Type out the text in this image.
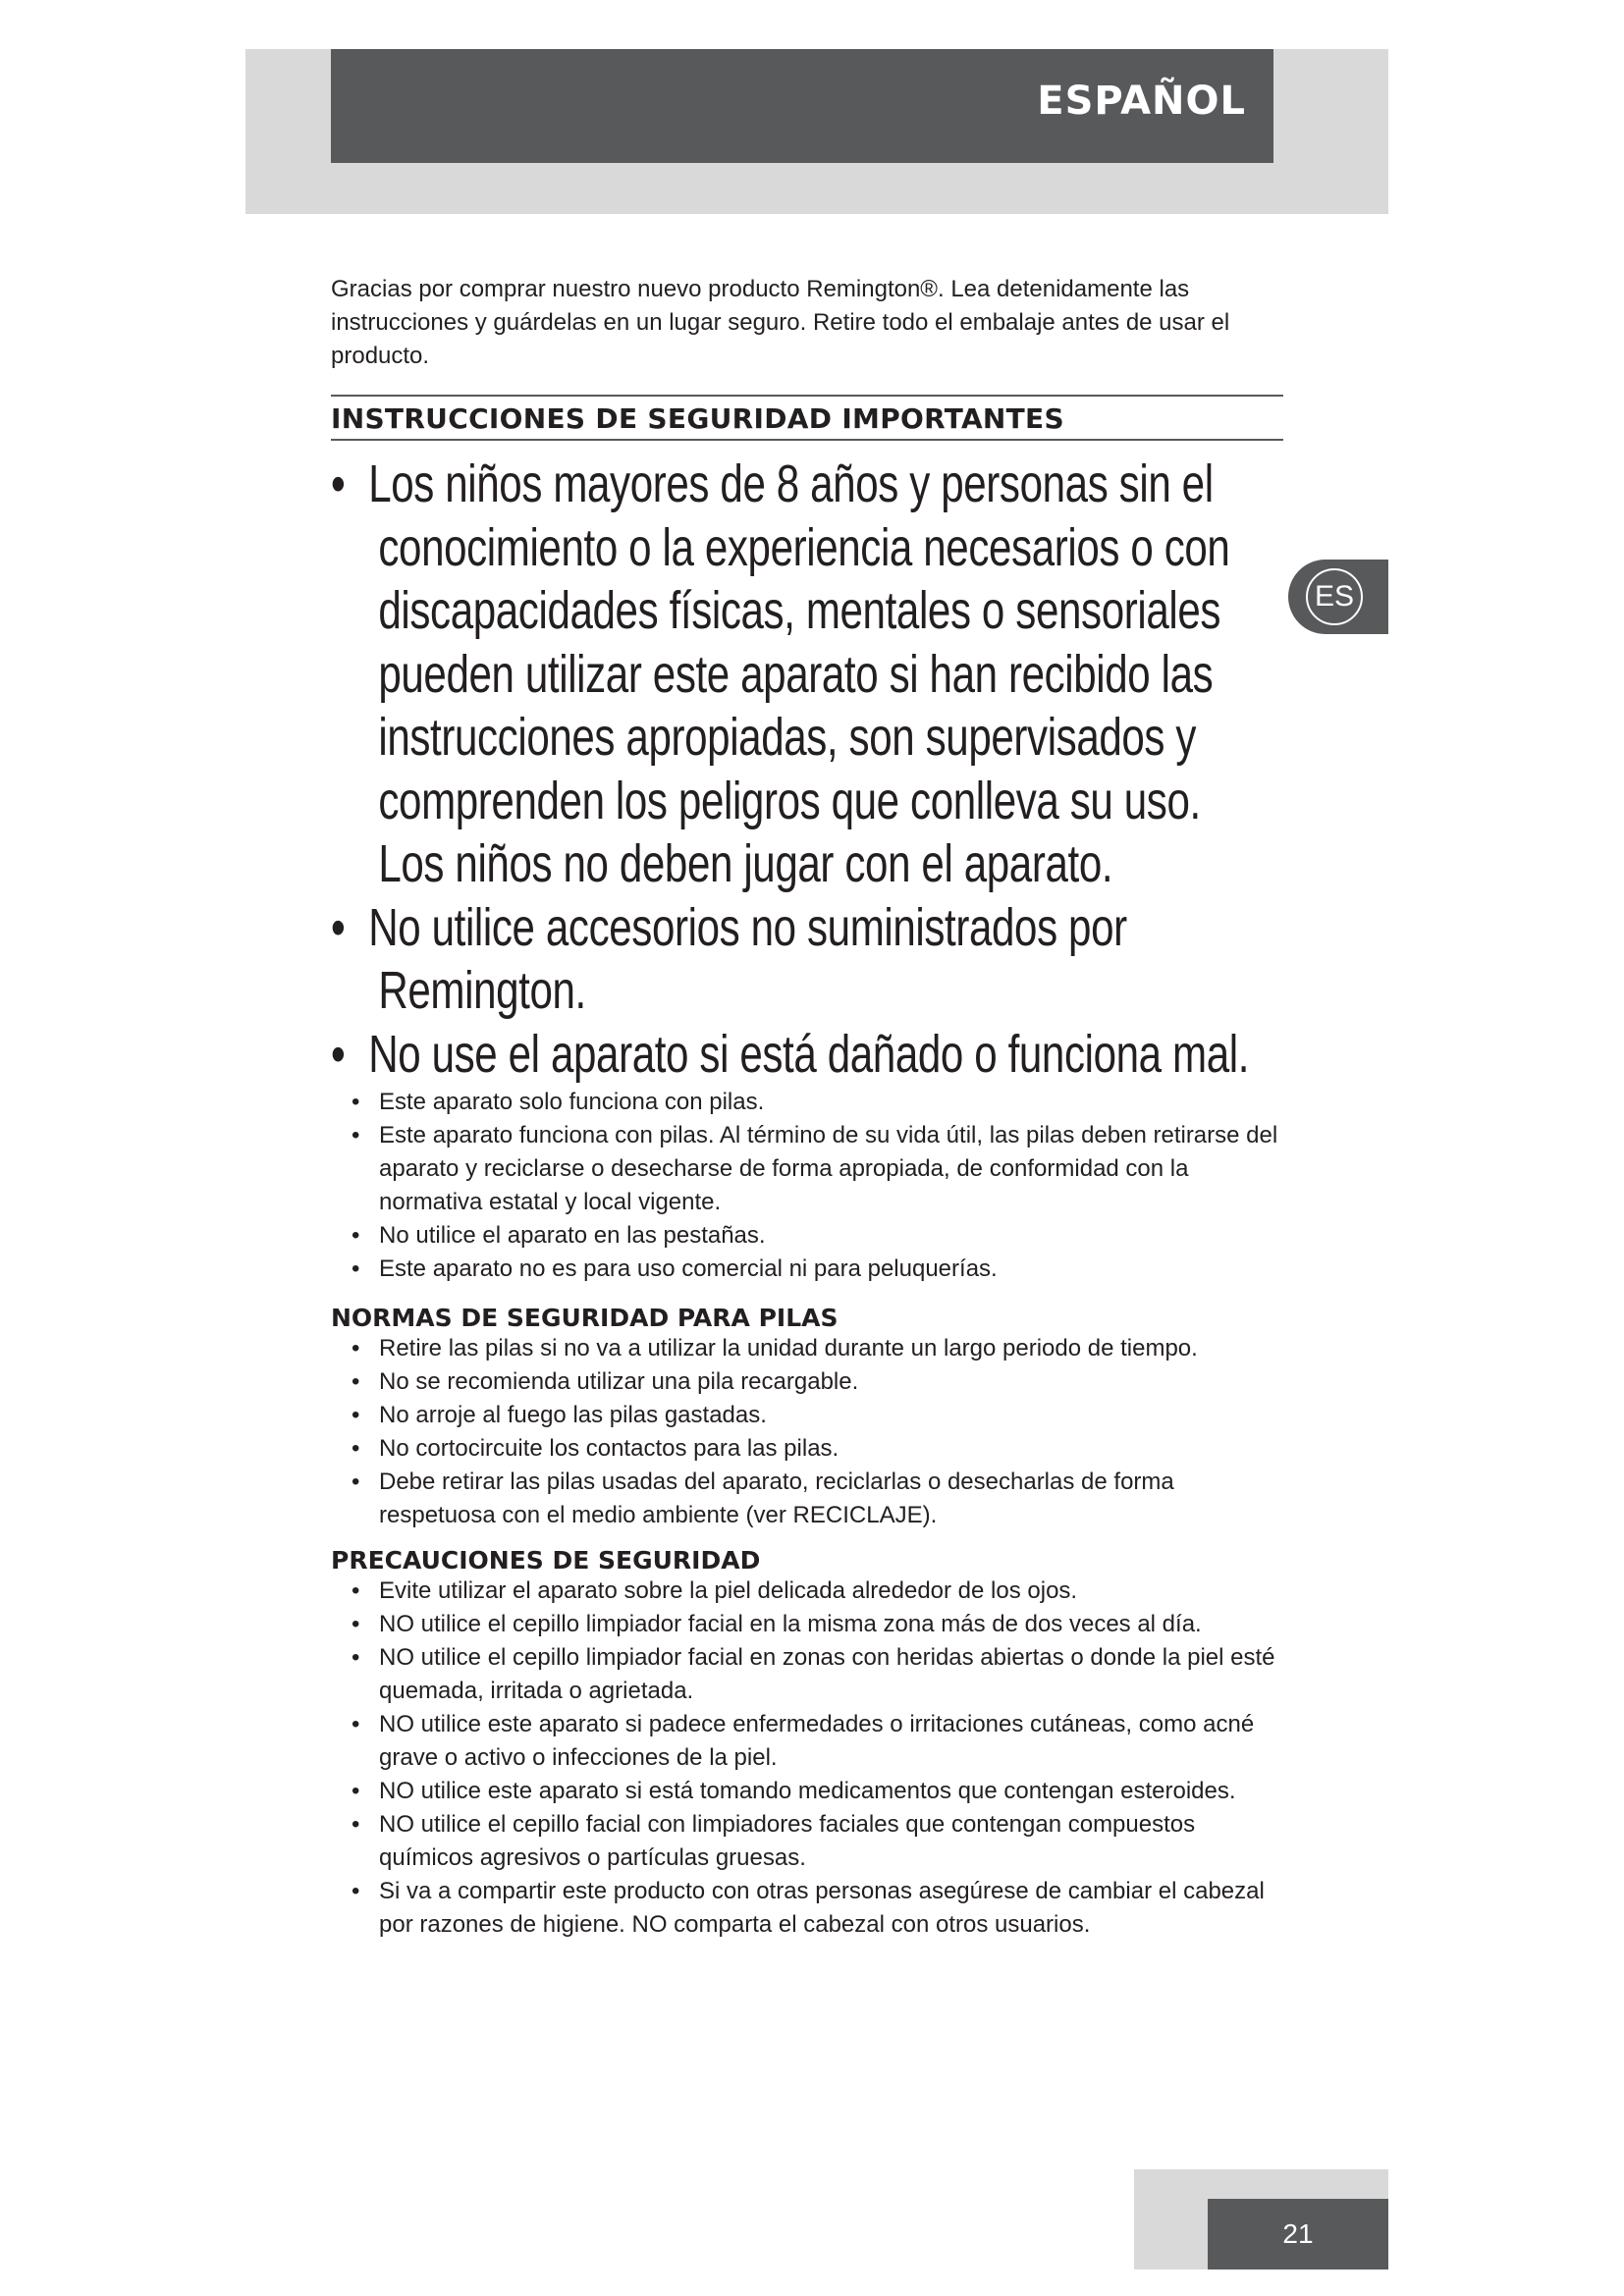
ESPAÑOL
ES

Gracias por comprar nuestro nuevo producto Remington®. Lea detenidamente las instrucciones y guárdelas en un lugar seguro. Retire todo el embalaje antes de usar el producto.

INSTRUCCIONES DE SEGURIDAD IMPORTANTES
• Los niños mayores de 8 años y personas sin el conocimiento o la experiencia necesarios o con discapacidades físicas, mentales o sensoriales pueden utilizar este aparato si han recibido las instrucciones apropiadas, son supervisados y comprenden los peligros que conlleva su uso. Los niños no deben jugar con el aparato.
• No utilice accesorios no suministrados por Remington.
• No use el aparato si está dañado o funciona mal.
• Este aparato solo funciona con pilas.
• Este aparato funciona con pilas. Al término de su vida útil, las pilas deben retirarse del aparato y reciclarse o desecharse de forma apropiada, de conformidad con la normativa estatal y local vigente.
• No utilice el aparato en las pestañas.
• Este aparato no es para uso comercial ni para peluquerías.
NORMAS DE SEGURIDAD PARA PILAS
• Retire las pilas si no va a utilizar la unidad durante un largo periodo de tiempo.
• No se recomienda utilizar una pila recargable.
• No arroje al fuego las pilas gastadas.
• No cortocircuite los contactos para las pilas.
• Debe retirar las pilas usadas del aparato, reciclarlas o desecharlas de forma respetuosa con el medio ambiente (ver RECICLAJE).
PRECAUCIONES DE SEGURIDAD
• Evite utilizar el aparato sobre la piel delicada alrededor de los ojos.
• NO utilice el cepillo limpiador facial en la misma zona más de dos veces al día.
• NO utilice el cepillo limpiador facial en zonas con heridas abiertas o donde la piel esté quemada, irritada o agrietada.
• NO utilice este aparato si padece enfermedades o irritaciones cutáneas, como acné grave o activo o infecciones de la piel.
• NO utilice este aparato si está tomando medicamentos que contengan esteroides.
• NO utilice el cepillo facial con limpiadores faciales que contengan compuestos químicos agresivos o partículas gruesas.
• Si va a compartir este producto con otras personas asegúrese de cambiar el cabezal por razones de higiene. NO comparta el cabezal con otros usuarios.
21
